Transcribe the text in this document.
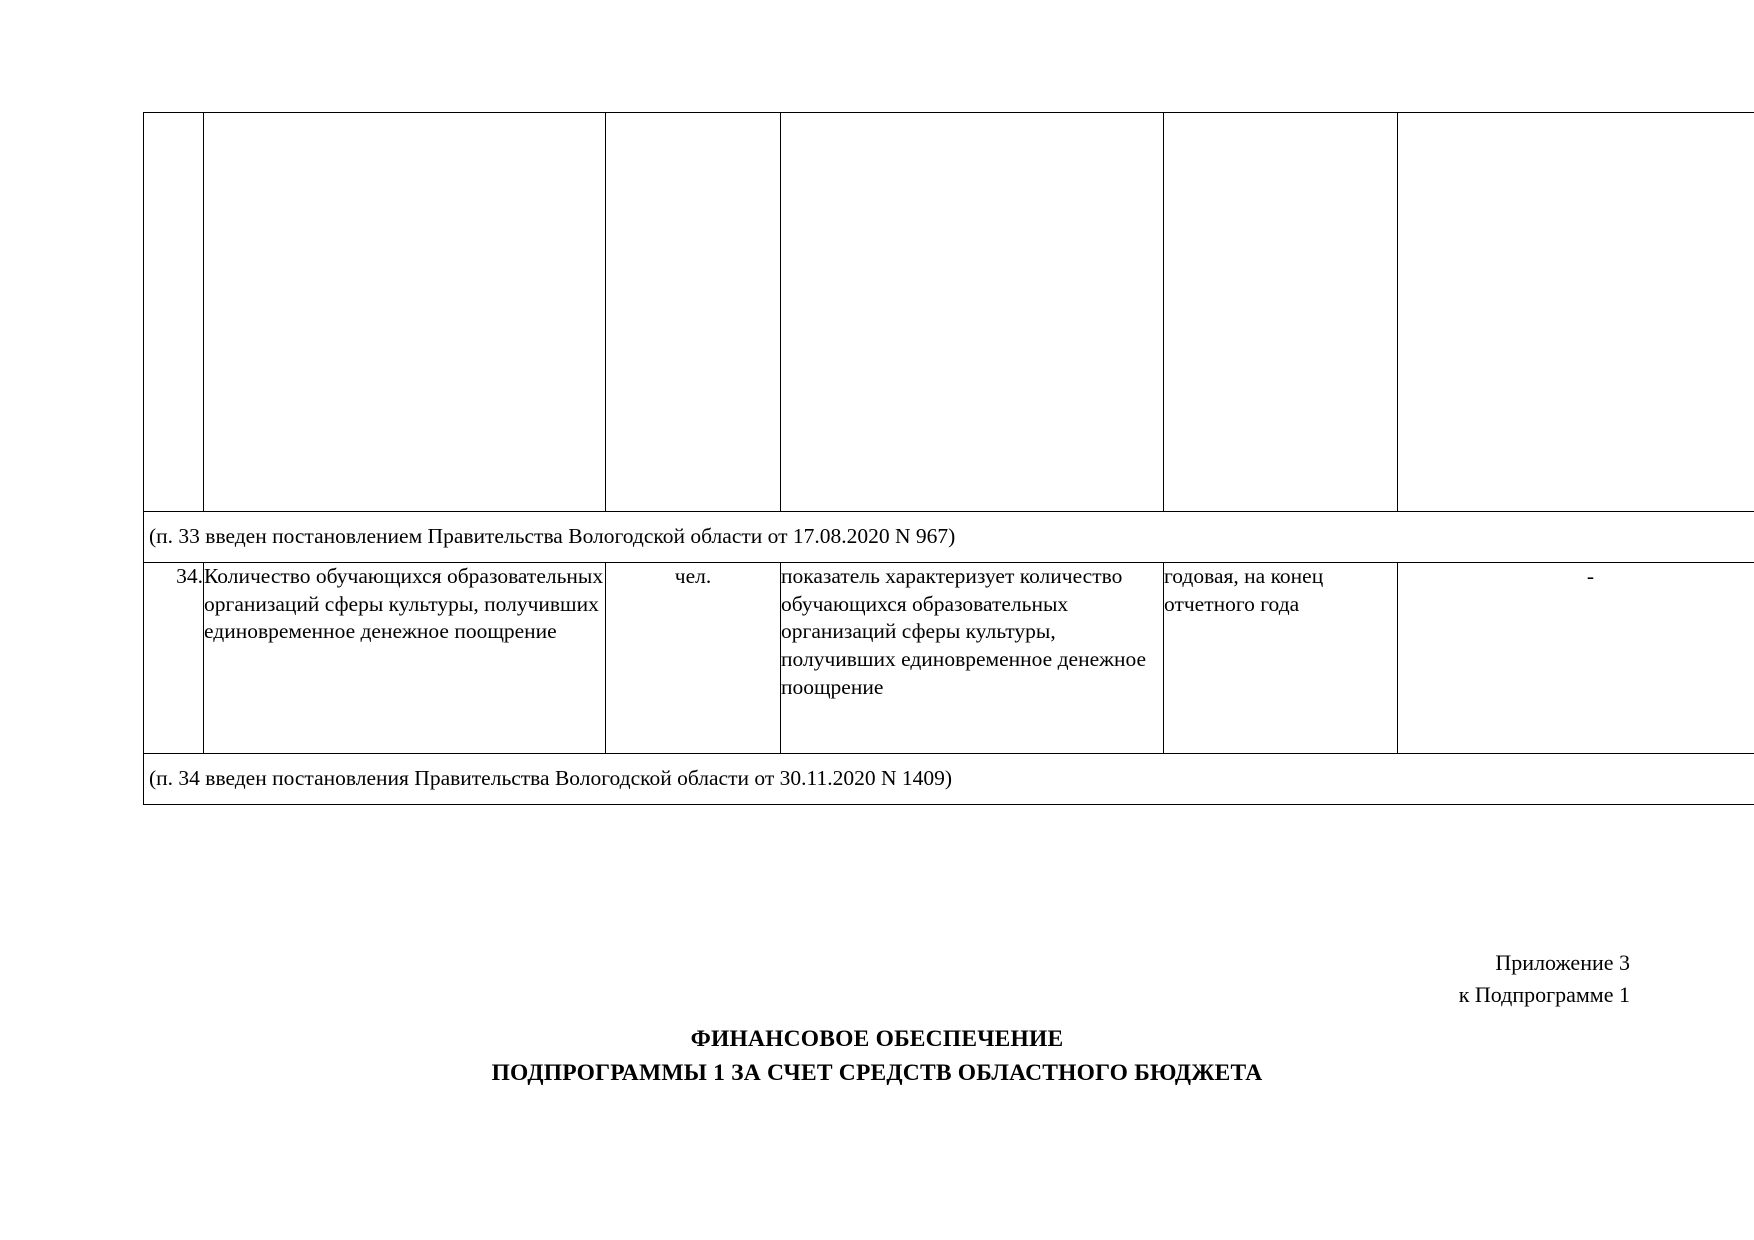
(п. 33 введен постановлением Правительства Вологодской области от 17.08.2020 N 967)					
34.	Количество обучающихся образовательных организаций сферы культуры, получивших единовременное денежное поощрение	чел.	показатель характеризует количество обучающихся образовательных организаций сферы культуры, получивших единовременное денежное поощрение	годовая, на конец отчетного года	-
(п. 34 введен постановления Правительства Вологодской области от 30.11.2020 N 1409)					
Приложение 3
к Подпрограмме 1
ФИНАНСОВОЕ ОБЕСПЕЧЕНИЕ
ПОДПРОГРАММЫ 1 ЗА СЧЕТ СРЕДСТВ ОБЛАСТНОГО БЮДЖЕТА
